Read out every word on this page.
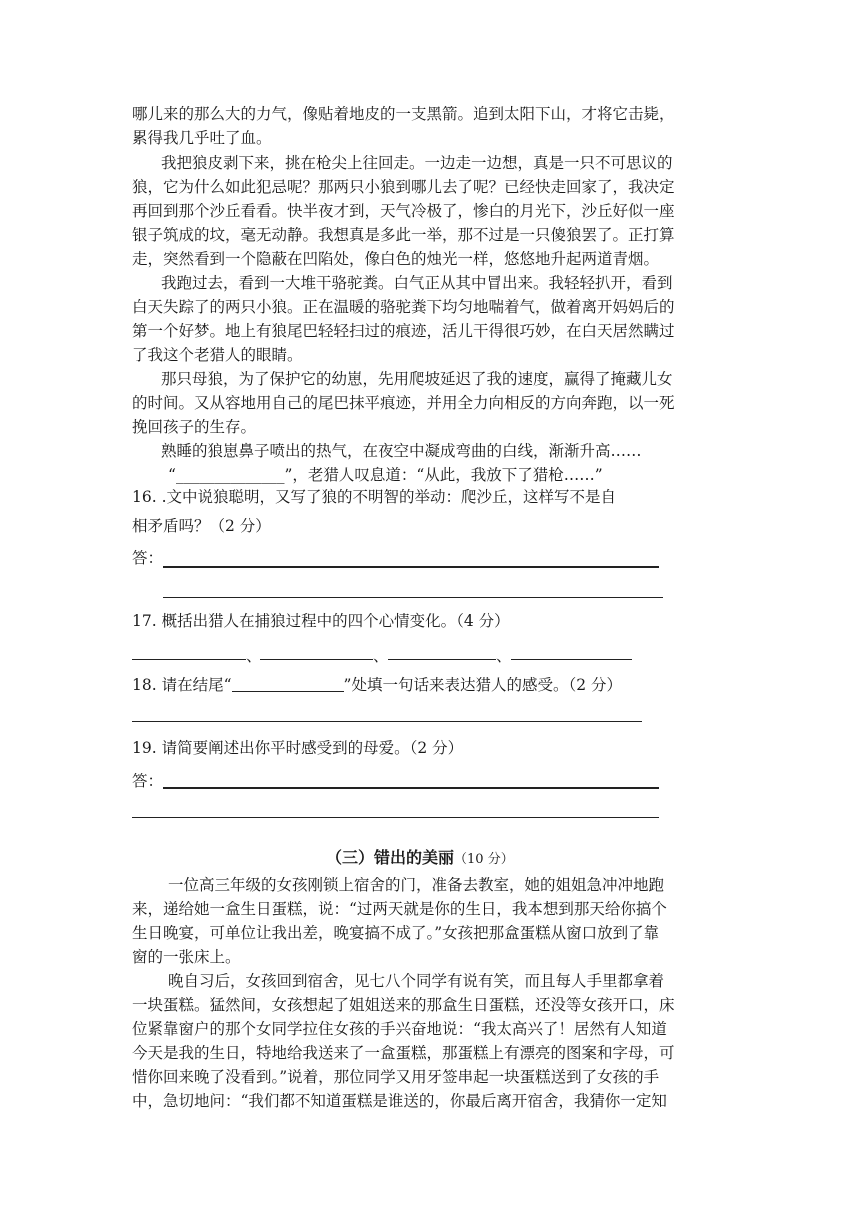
哪儿来的那么大的力气，像贴着地皮的一支黑箭。追到太阳下山，才将它击毙，
累得我几乎吐了血。
我把狼皮剥下来，挑在枪尖上往回走。一边走一边想，真是一只不可思议的
狼，它为什么如此犯忌呢？那两只小狼到哪儿去了呢？已经快走回家了，我决定
再回到那个沙丘看看。快半夜才到，天气冷极了，惨白的月光下，沙丘好似一座
银子筑成的坟，毫无动静。我想真是多此一举，那不过是一只傻狼罢了。正打算
走，突然看到一个隐蔽在凹陷处，像白色的烛光一样，悠悠地升起两道青烟。
我跑过去，看到一大堆干骆驼粪。白气正从其中冒出来。我轻轻扒开，看到
白天失踪了的两只小狼。正在温暖的骆驼粪下均匀地喘着气，做着离开妈妈后的
第一个好梦。地上有狼尾巴轻轻扫过的痕迹，活儿干得很巧妙，在白天居然瞒过
了我这个老猎人的眼睛。
那只母狼，为了保护它的幼崽，先用爬坡延迟了我的速度，赢得了掩藏儿女
的时间。又从容地用自己的尾巴抹平痕迹，并用全力向相反的方向奔跑，以一死
挽回孩子的生存。
熟睡的狼崽鼻子喷出的热气，在夜空中凝成弯曲的白线，渐渐升高……
“______________”，老猎人叹息道：“从此，我放下了猎枪……”
16. .文中说狼聪明，又写了狼的不明智的举动：爬沙丘，这样写不是自
相矛盾吗？（2 分）
答：
17. 概括出猎人在捕狼过程中的四个心情变化。（4 分）
、	、	、
18. 请在结尾“	”处填一句话来表达猎人的感受。（2 分）
19. 请简要阐述出你平时感受到的母爱。（2 分）
答：
（三）错出的美丽（10 分）
一位高三年级的女孩刚锁上宿舍的门，准备去教室，她的姐姐急冲冲地跑
来，递给她一盒生日蛋糕，说：“过两天就是你的生日，我本想到那天给你搞个
生日晚宴，可单位让我出差，晚宴搞不成了。”女孩把那盒蛋糕从窗口放到了靠
窗的一张床上。
晚自习后，女孩回到宿舍，见七八个同学有说有笑，而且每人手里都拿着
一块蛋糕。猛然间，女孩想起了姐姐送来的那盒生日蛋糕，还没等女孩开口，床
位紧靠窗户的那个女同学拉住女孩的手兴奋地说：“我太高兴了！居然有人知道
今天是我的生日，特地给我送来了一盒蛋糕，那蛋糕上有漂亮的图案和字母，可
惜你回来晚了没看到。”说着，那位同学又用牙签串起一块蛋糕送到了女孩的手
中，急切地问：“我们都不知道蛋糕是谁送的，你最后离开宿舍，我猜你一定知
